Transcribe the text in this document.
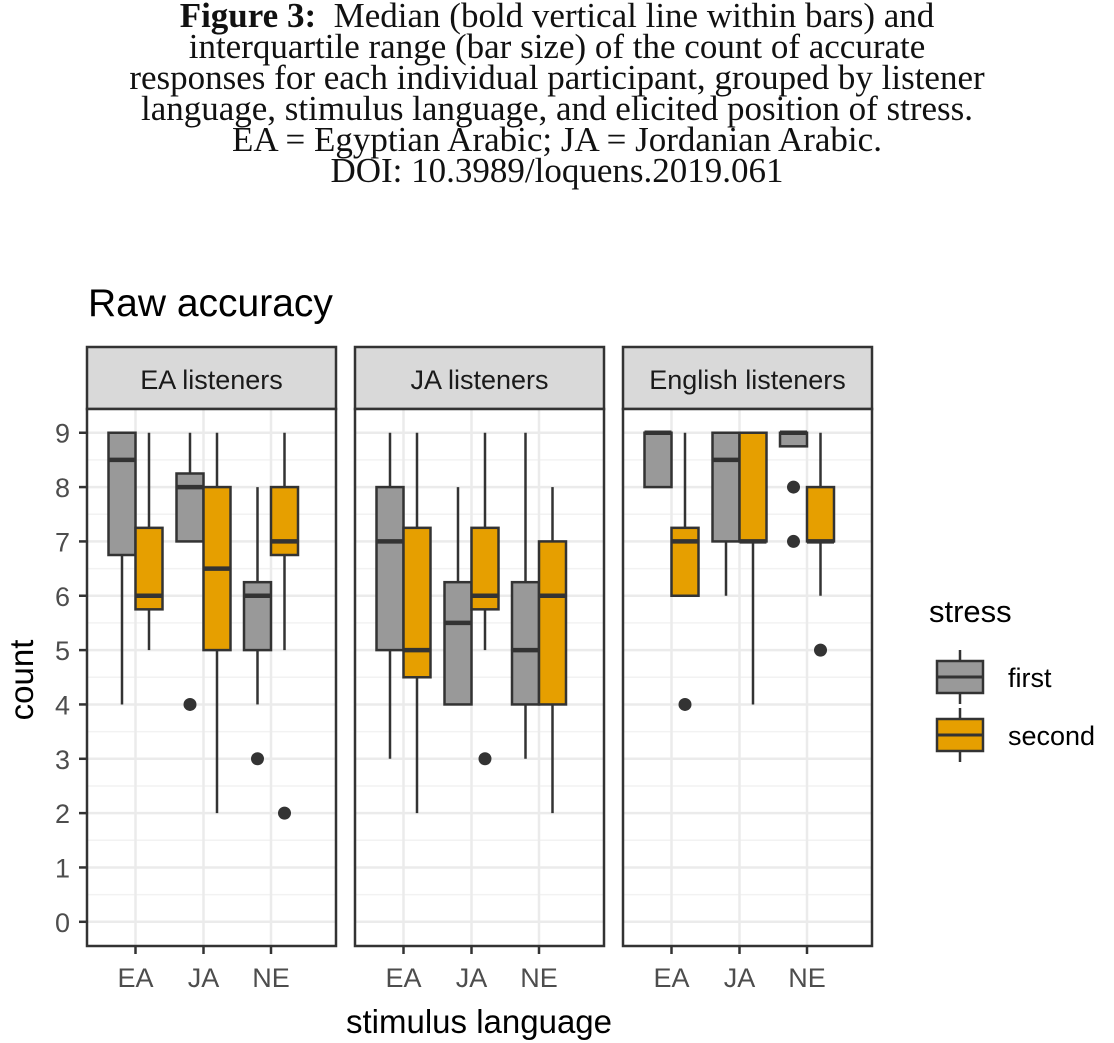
Figure 3: Median (bold vertical line within bars) and
interquartile range (bar size) of the count of accurate
responses for each individual participant, grouped by listener
language, stimulus language, and elicited position of stress.
EA = Egyptian Arabic; JA = Jordanian Arabic.
DOI: 10.3989/loquens.2019.061
Raw accuracy
EA listeners
EA JA NE
JA listeners
EA JA NE
English listeners
EA JA NE
0
1
2
3
4
5
6
7
8
9
count
stimulus language
stress
first
second
